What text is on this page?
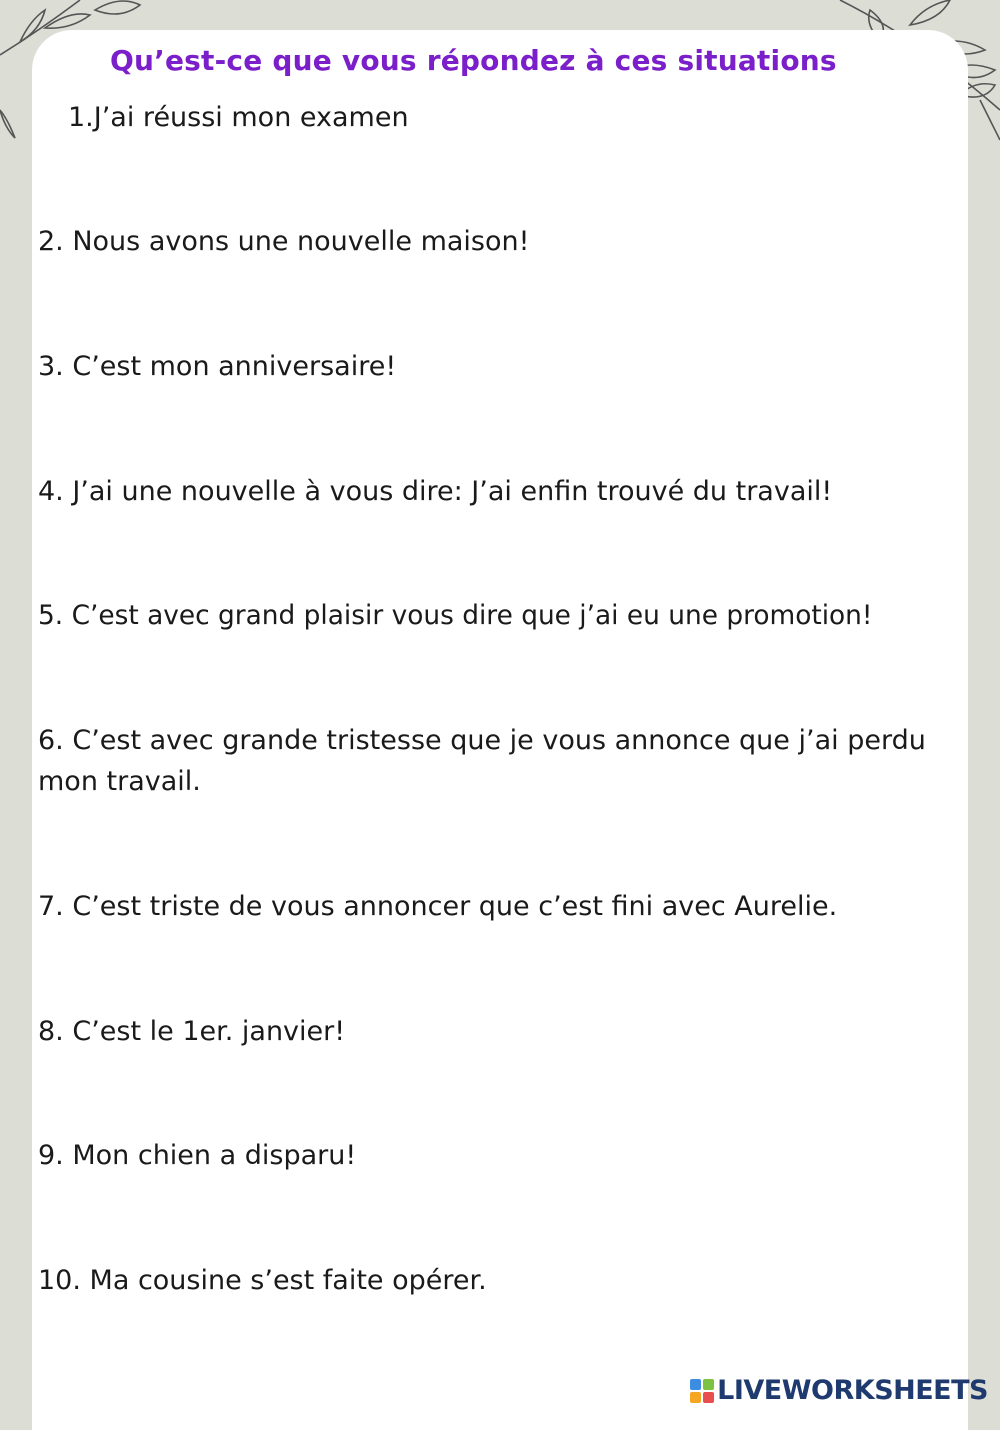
Qu’est-ce que vous répondez à ces situations
1.J’ai réussi mon examen
2. Nous avons une nouvelle maison!
3. C’est mon anniversaire!
4. J’ai une nouvelle à vous dire: J’ai enfin trouvé du travail!
5. C’est avec grand plaisir vous dire que j’ai eu une promotion!
6. C’est avec grande tristesse que je vous annonce que j’ai perdu mon travail.
7. C’est triste de vous annoncer que c’est fini avec Aurelie.
8. C’est le 1er. janvier!
9. Mon chien a disparu!
10. Ma cousine s’est faite opérer.
LIVEWORKSHEETS
